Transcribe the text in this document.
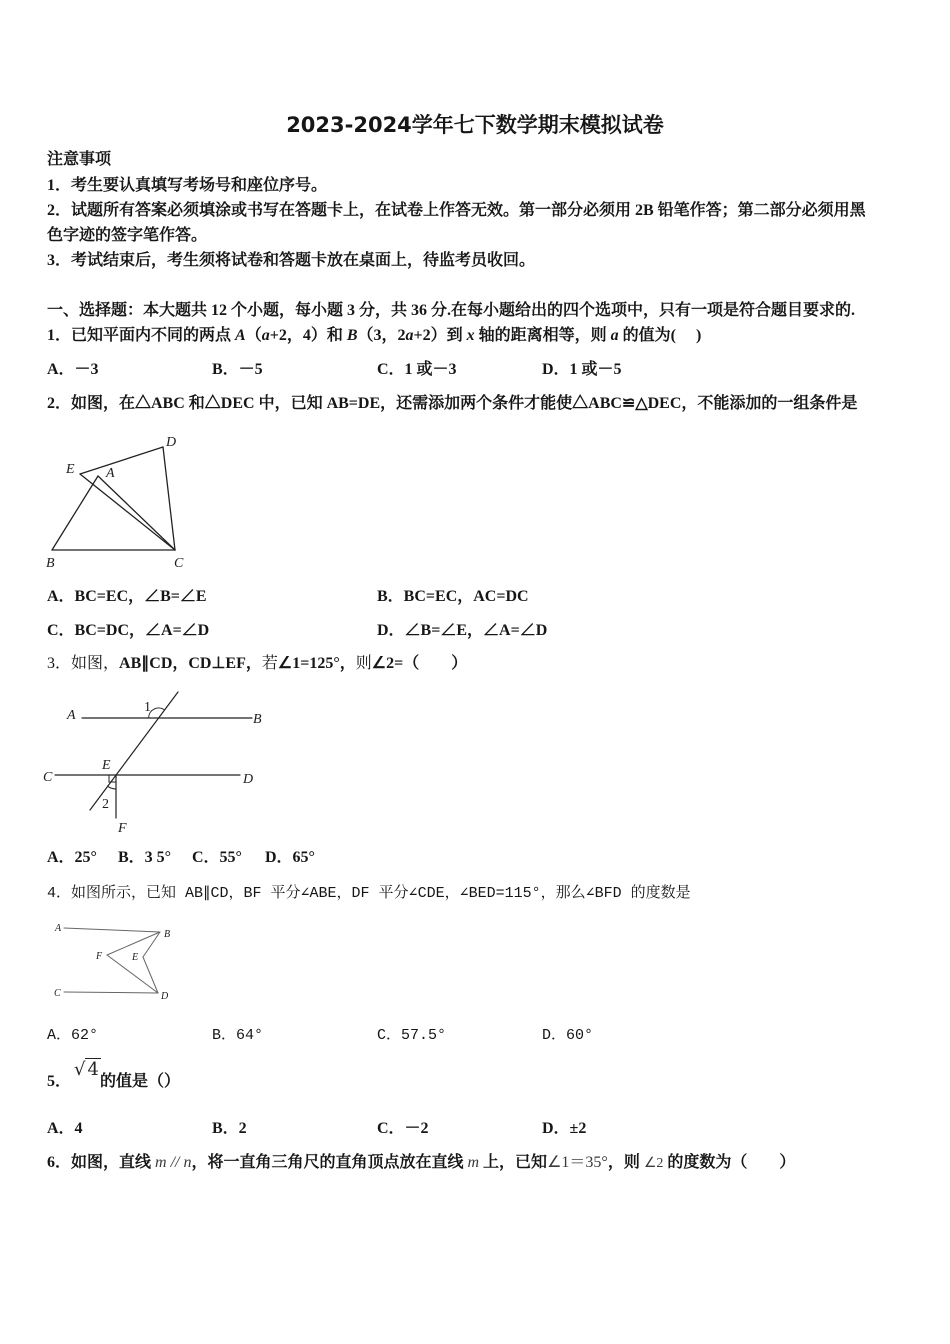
2023-2024学年七下数学期末模拟试卷
注意事项
1．考生要认真填写考场号和座位序号。
2．试题所有答案必须填涂或书写在答题卡上，在试卷上作答无效。第一部分必须用 2B 铅笔作答；第二部分必须用黑
色字迹的签字笔作答。
3．考试结束后，考生须将试卷和答题卡放在桌面上，待监考员收回。
一、选择题：本大题共 12 个小题，每小题 3 分，共 36 分.在每小题给出的四个选项中，只有一项是符合题目要求的.
1．已知平面内不同的两点 A（a+2，4）和 B（3，2a+2）到 x 轴的距离相等，则 a 的值为(　 )
A．－3	B．－5	C．1 或－3	D．1 或－5
2．如图，在△ABC 和△DEC 中，已知 AB=DE，还需添加两个条件才能使△ABC≌△DEC，不能添加的一组条件是
D
E A
B	C
A．BC=EC，∠B=∠E	B．BC=EC，AC=DC
C．BC=DC，∠A=∠D	D．∠B=∠E，∠A=∠D
3．如图，AB∥CD，CD⊥EF，若∠1=125°，则∠2=（　　）
A	B
C	D
E
F
1
2
A．25° B．3 5° C．55° D．65°
4．如图所示，已知 AB∥CD，BF 平分∠ABE，DF 平分∠CDE，∠BED=115°，那么∠BFD 的度数是
A
B
F	E
C	D
A．62°	B．64°	C．57.5°	D．60°
5．
√ 4
的值是（）
A．4	B．2	C．－2	D．±2
6．如图，直线 m // n，将一直角三角尺的直角顶点放在直线 m 上，已知∠1＝35°，则 ∠2 的度数为（　　）
